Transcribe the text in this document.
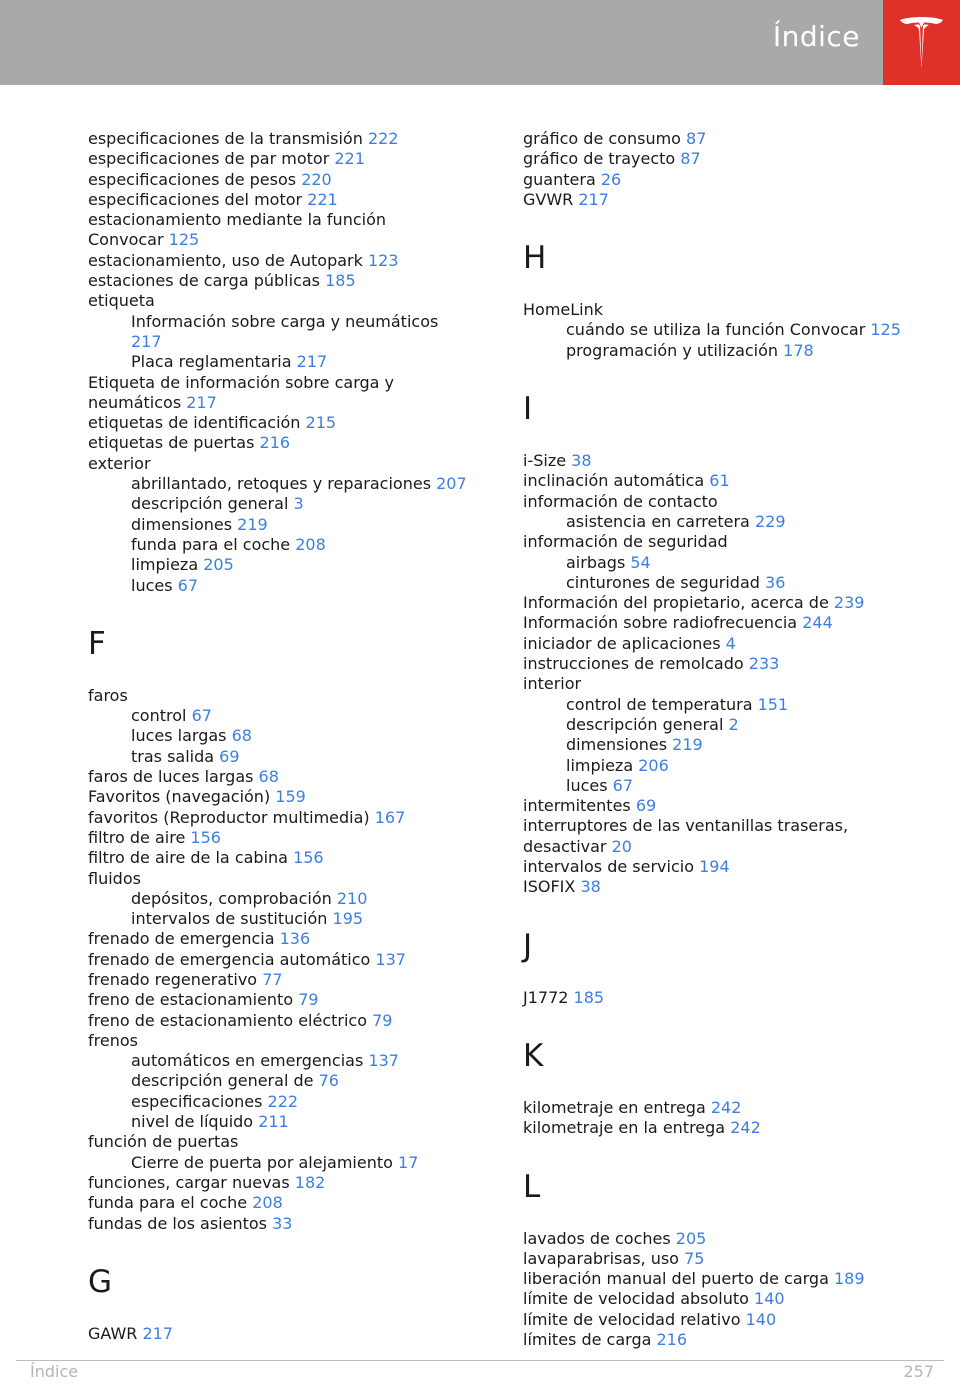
Índice
especificaciones de la transmisión 222
especificaciones de par motor 221
especificaciones de pesos 220
especificaciones del motor 221
estacionamiento mediante la función
Convocar 125
estacionamiento, uso de Autopark 123
estaciones de carga públicas 185
etiqueta
Información sobre carga y neumáticos
217
Placa reglamentaria 217
Etiqueta de información sobre carga y
neumáticos 217
etiquetas de identificación 215
etiquetas de puertas 216
exterior
abrillantado, retoques y reparaciones 207
descripción general 3
dimensiones 219
funda para el coche 208
limpieza 205
luces 67
F
faros
control 67
luces largas 68
tras salida 69
faros de luces largas 68
Favoritos (navegación) 159
favoritos (Reproductor multimedia) 167
filtro de aire 156
filtro de aire de la cabina 156
fluidos
depósitos, comprobación 210
intervalos de sustitución 195
frenado de emergencia 136
frenado de emergencia automático 137
frenado regenerativo 77
freno de estacionamiento 79
freno de estacionamiento eléctrico 79
frenos
automáticos en emergencias 137
descripción general de 76
especificaciones 222
nivel de líquido 211
función de puertas
Cierre de puerta por alejamiento 17
funciones, cargar nuevas 182
funda para el coche 208
fundas de los asientos 33
G
GAWR 217
gráfico de consumo 87
gráfico de trayecto 87
guantera 26
GVWR 217
H
HomeLink
cuándo se utiliza la función Convocar 125
programación y utilización 178
I
i-Size 38
inclinación automática 61
información de contacto
asistencia en carretera 229
información de seguridad
airbags 54
cinturones de seguridad 36
Información del propietario, acerca de 239
Información sobre radiofrecuencia 244
iniciador de aplicaciones 4
instrucciones de remolcado 233
interior
control de temperatura 151
descripción general 2
dimensiones 219
limpieza 206
luces 67
intermitentes 69
interruptores de las ventanillas traseras,
desactivar 20
intervalos de servicio 194
ISOFIX 38
J
J1772 185
K
kilometraje en entrega 242
kilometraje en la entrega 242
L
lavados de coches 205
lavaparabrisas, uso 75
liberación manual del puerto de carga 189
límite de velocidad absoluto 140
límite de velocidad relativo 140
límites de carga 216
Índice	257
